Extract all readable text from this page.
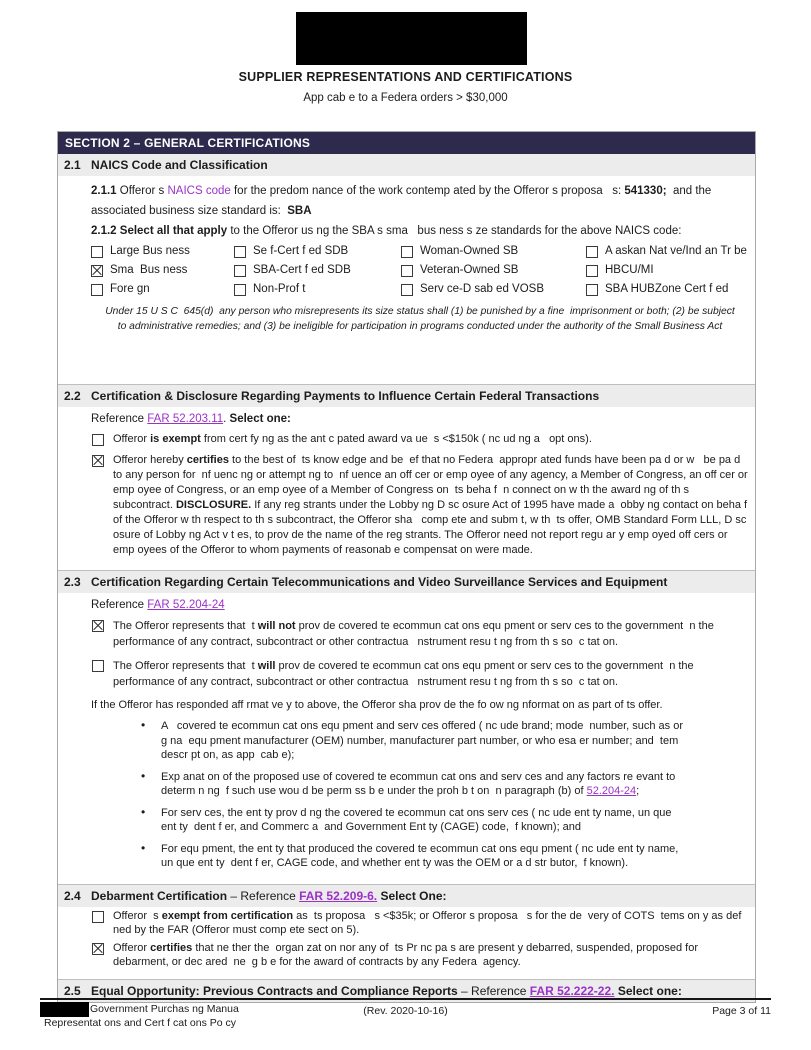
SUPPLIER REPRESENTATIONS AND CERTIFICATIONS
App cab e to a Federa orders > $30,000
SECTION 2 – GENERAL CERTIFICATIONS
2.1 NAICS Code and Classification
2.1.1 Offeror s NAICS code for the predom nance of the work contemp ated by the Offeror s proposa   s: 541330;  and the associated business size standard is:  SBA
2.1.2 Select all that apply to the Offeror us ng the SBA s sma   bus ness s ze standards for the above NAICS code:
Large Bus ness	Se f-Cert f ed SDB	Woman-Owned SB	A askan Nat ve/Ind an Tr be
Sma  Bus ness	SBA-Cert f ed SDB	Veteran-Owned SB	HBCU/MI
Fore gn	Non-Prof t	Serv ce-D sab ed VOSB	SBA HUBZone Cert f ed
Under 15 U S C  645(d)  any person who misrepresents its size status shall (1) be punished by a fine  imprisonment or both; (2) be subject
to administrative remedies; and (3) be ineligible for participation in programs conducted under the authority of the Small Business Act
2.2 Certification & Disclosure Regarding Payments to Influence Certain Federal Transactions
Reference FAR 52.203.11. Select one:
Offeror is exempt from cert fy ng as the ant c pated award va ue  s <$150k ( nc ud ng a   opt ons).
Offeror hereby certifies to the best of  ts know edge and be  ef that no Federa  appropr ated funds have been pa d or w   be pa d to any person for  nf uenc ng or attempt ng to  nf uence an off cer or emp oyee of any agency, a Member of Congress, an off cer or emp oyee of Congress, or an emp oyee of a Member of Congress on  ts beha f  n connect on w th the award ng of th s subcontract. DISCLOSURE. If any reg strants under the Lobby ng D sc osure Act of 1995 have made a  obby ng contact on beha f of the Offeror w th respect to th s subcontract, the Offeror sha   comp ete and subm t, w th  ts offer, OMB Standard Form LLL, D sc osure of Lobby ng Act v t es, to prov de the name of the reg strants. The Offeror need not report regu ar y emp oyed off cers or emp oyees of the Offeror to whom payments of reasonab e compensat on were made.
2.3 Certification Regarding Certain Telecommunications and Video Surveillance Services and Equipment
Reference FAR 52.204-24
The Offeror represents that  t will not prov de covered te ecommun cat ons equ pment or serv ces to the government  n the performance of any contract, subcontract or other contractua   nstrument resu t ng from th s so  c tat on.
The Offeror represents that  t will prov de covered te ecommun cat ons equ pment or serv ces to the government  n the performance of any contract, subcontract or other contractua   nstrument resu t ng from th s so  c tat on.
If the Offeror has responded aff rmat ve y to above, the Offeror sha prov de the fo ow ng nformat on as part of ts offer.
• A   covered te ecommun cat ons equ pment and serv ces offered ( nc ude brand; mode  number, such as or g na  equ pment manufacturer (OEM) number, manufacturer part number, or who esa er number; and  tem descr pt on, as app  cab e);
• Exp anat on of the proposed use of covered te ecommun cat ons and serv ces and any factors re evant to determ n ng  f such use wou d be perm ss b e under the proh b t on  n paragraph (b) of 52.204-24;
• For serv ces, the ent ty prov d ng the covered te ecommun cat ons serv ces ( nc ude ent ty name, un que ent ty  dent f er, and Commerc a  and Government Ent ty (CAGE) code,  f known); and
• For equ pment, the ent ty that produced the covered te ecommun cat ons equ pment ( nc ude ent ty name, un que ent ty  dent f er, CAGE code, and whether ent ty was the OEM or a d str butor,  f known).
2.4 Debarment Certification – Reference FAR 52.209-6. Select One:
Offeror  s exempt from certification as  ts proposa   s <$35k; or Offeror s proposa   s for the de  very of COTS  tems on y as def ned by the FAR (Offeror must comp ete sect on 5).
Offeror certifies that ne ther the  organ zat on nor any of  ts Pr nc pa s are present y debarred, suspended, proposed for debarment, or dec ared  ne  g b e for the award of contracts by any Federa  agency.
2.5 Equal Opportunity: Previous Contracts and Compliance Reports – Reference FAR 52.222-22. Select one:
Government Purchas ng Manua
Representat ons and Cert f cat ons Po cy
(Rev. 2020-10-16)	Page 3 of 11
